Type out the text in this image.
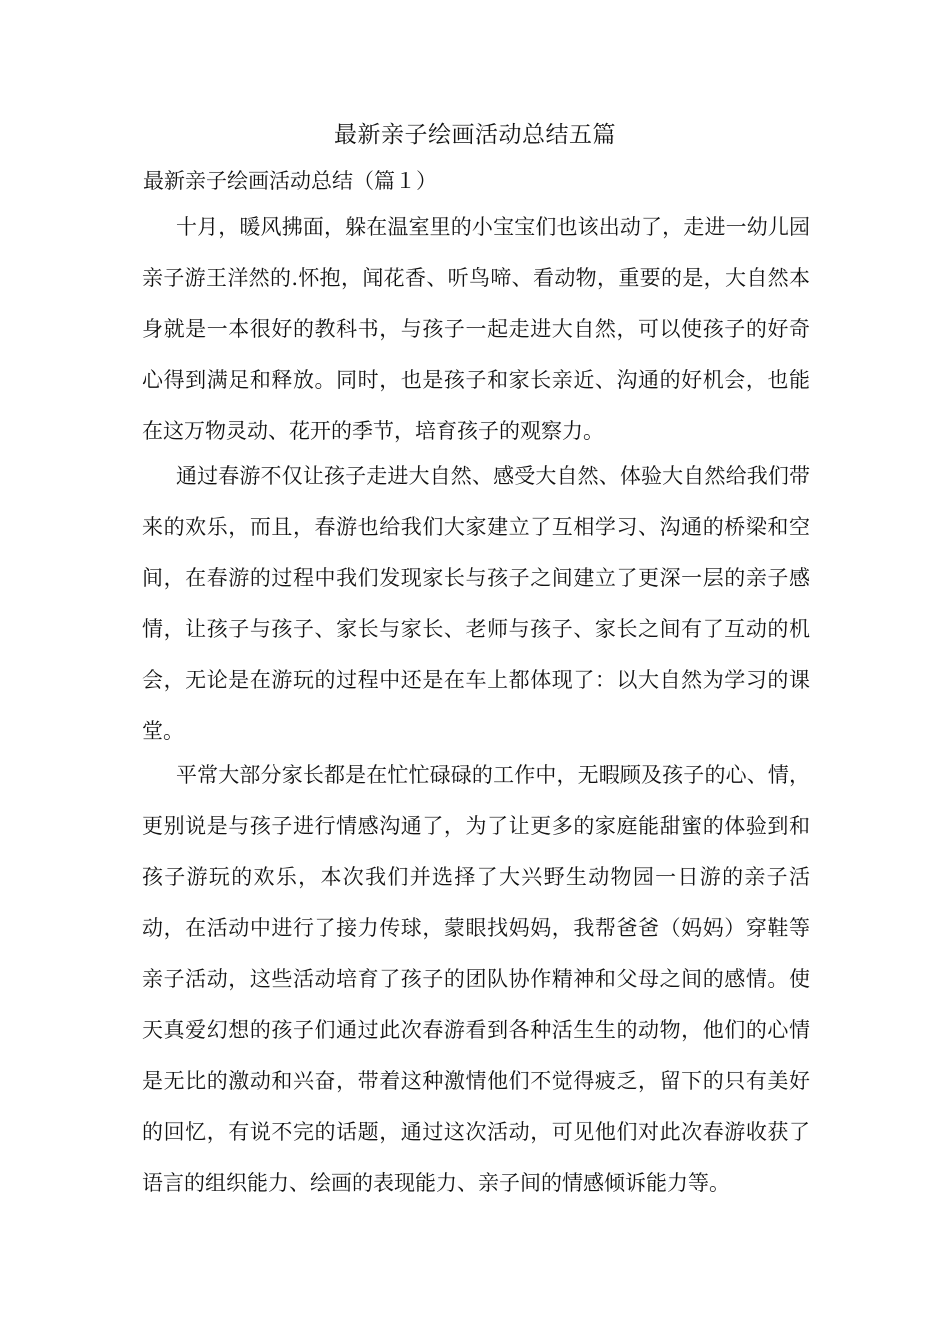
最新亲子绘画活动总结五篇
最新亲子绘画活动总结（篇１）

十月，暖风拂面，躲在温室里的小宝宝们也该出动了，走进一幼儿园亲子游王洋然的.怀抱，闻花香、听鸟啼、看动物，重要的是，大自然本身就是一本很好的教科书，与孩子一起走进大自然，可以使孩子的好奇心得到满足和释放。同时，也是孩子和家长亲近、沟通的好机会，也能在这万物灵动、花开的季节，培育孩子的观察力。

通过春游不仅让孩子走进大自然、感受大自然、体验大自然给我们带来的欢乐，而且，春游也给我们大家建立了互相学习、沟通的桥梁和空间，在春游的过程中我们发现家长与孩子之间建立了更深一层的亲子感情，让孩子与孩子、家长与家长、老师与孩子、家长之间有了互动的机会，无论是在游玩的过程中还是在车上都体现了：以大自然为学习的课堂。

平常大部分家长都是在忙忙碌碌的工作中，无暇顾及孩子的心、情，更别说是与孩子进行情感沟通了，为了让更多的家庭能甜蜜的体验到和孩子游玩的欢乐，本次我们并选择了大兴野生动物园一日游的亲子活动，在活动中进行了接力传球，蒙眼找妈妈，我帮爸爸（妈妈）穿鞋等亲子活动，这些活动培育了孩子的团队协作精神和父母之间的感情。使天真爱幻想的孩子们通过此次春游看到各种活生生的动物，他们的心情是无比的激动和兴奋，带着这种激情他们不觉得疲乏，留下的只有美好的回忆，有说不完的话题，通过这次活动，可见他们对此次春游收获了语言的组织能力、绘画的表现能力、亲子间的情感倾诉能力等。
